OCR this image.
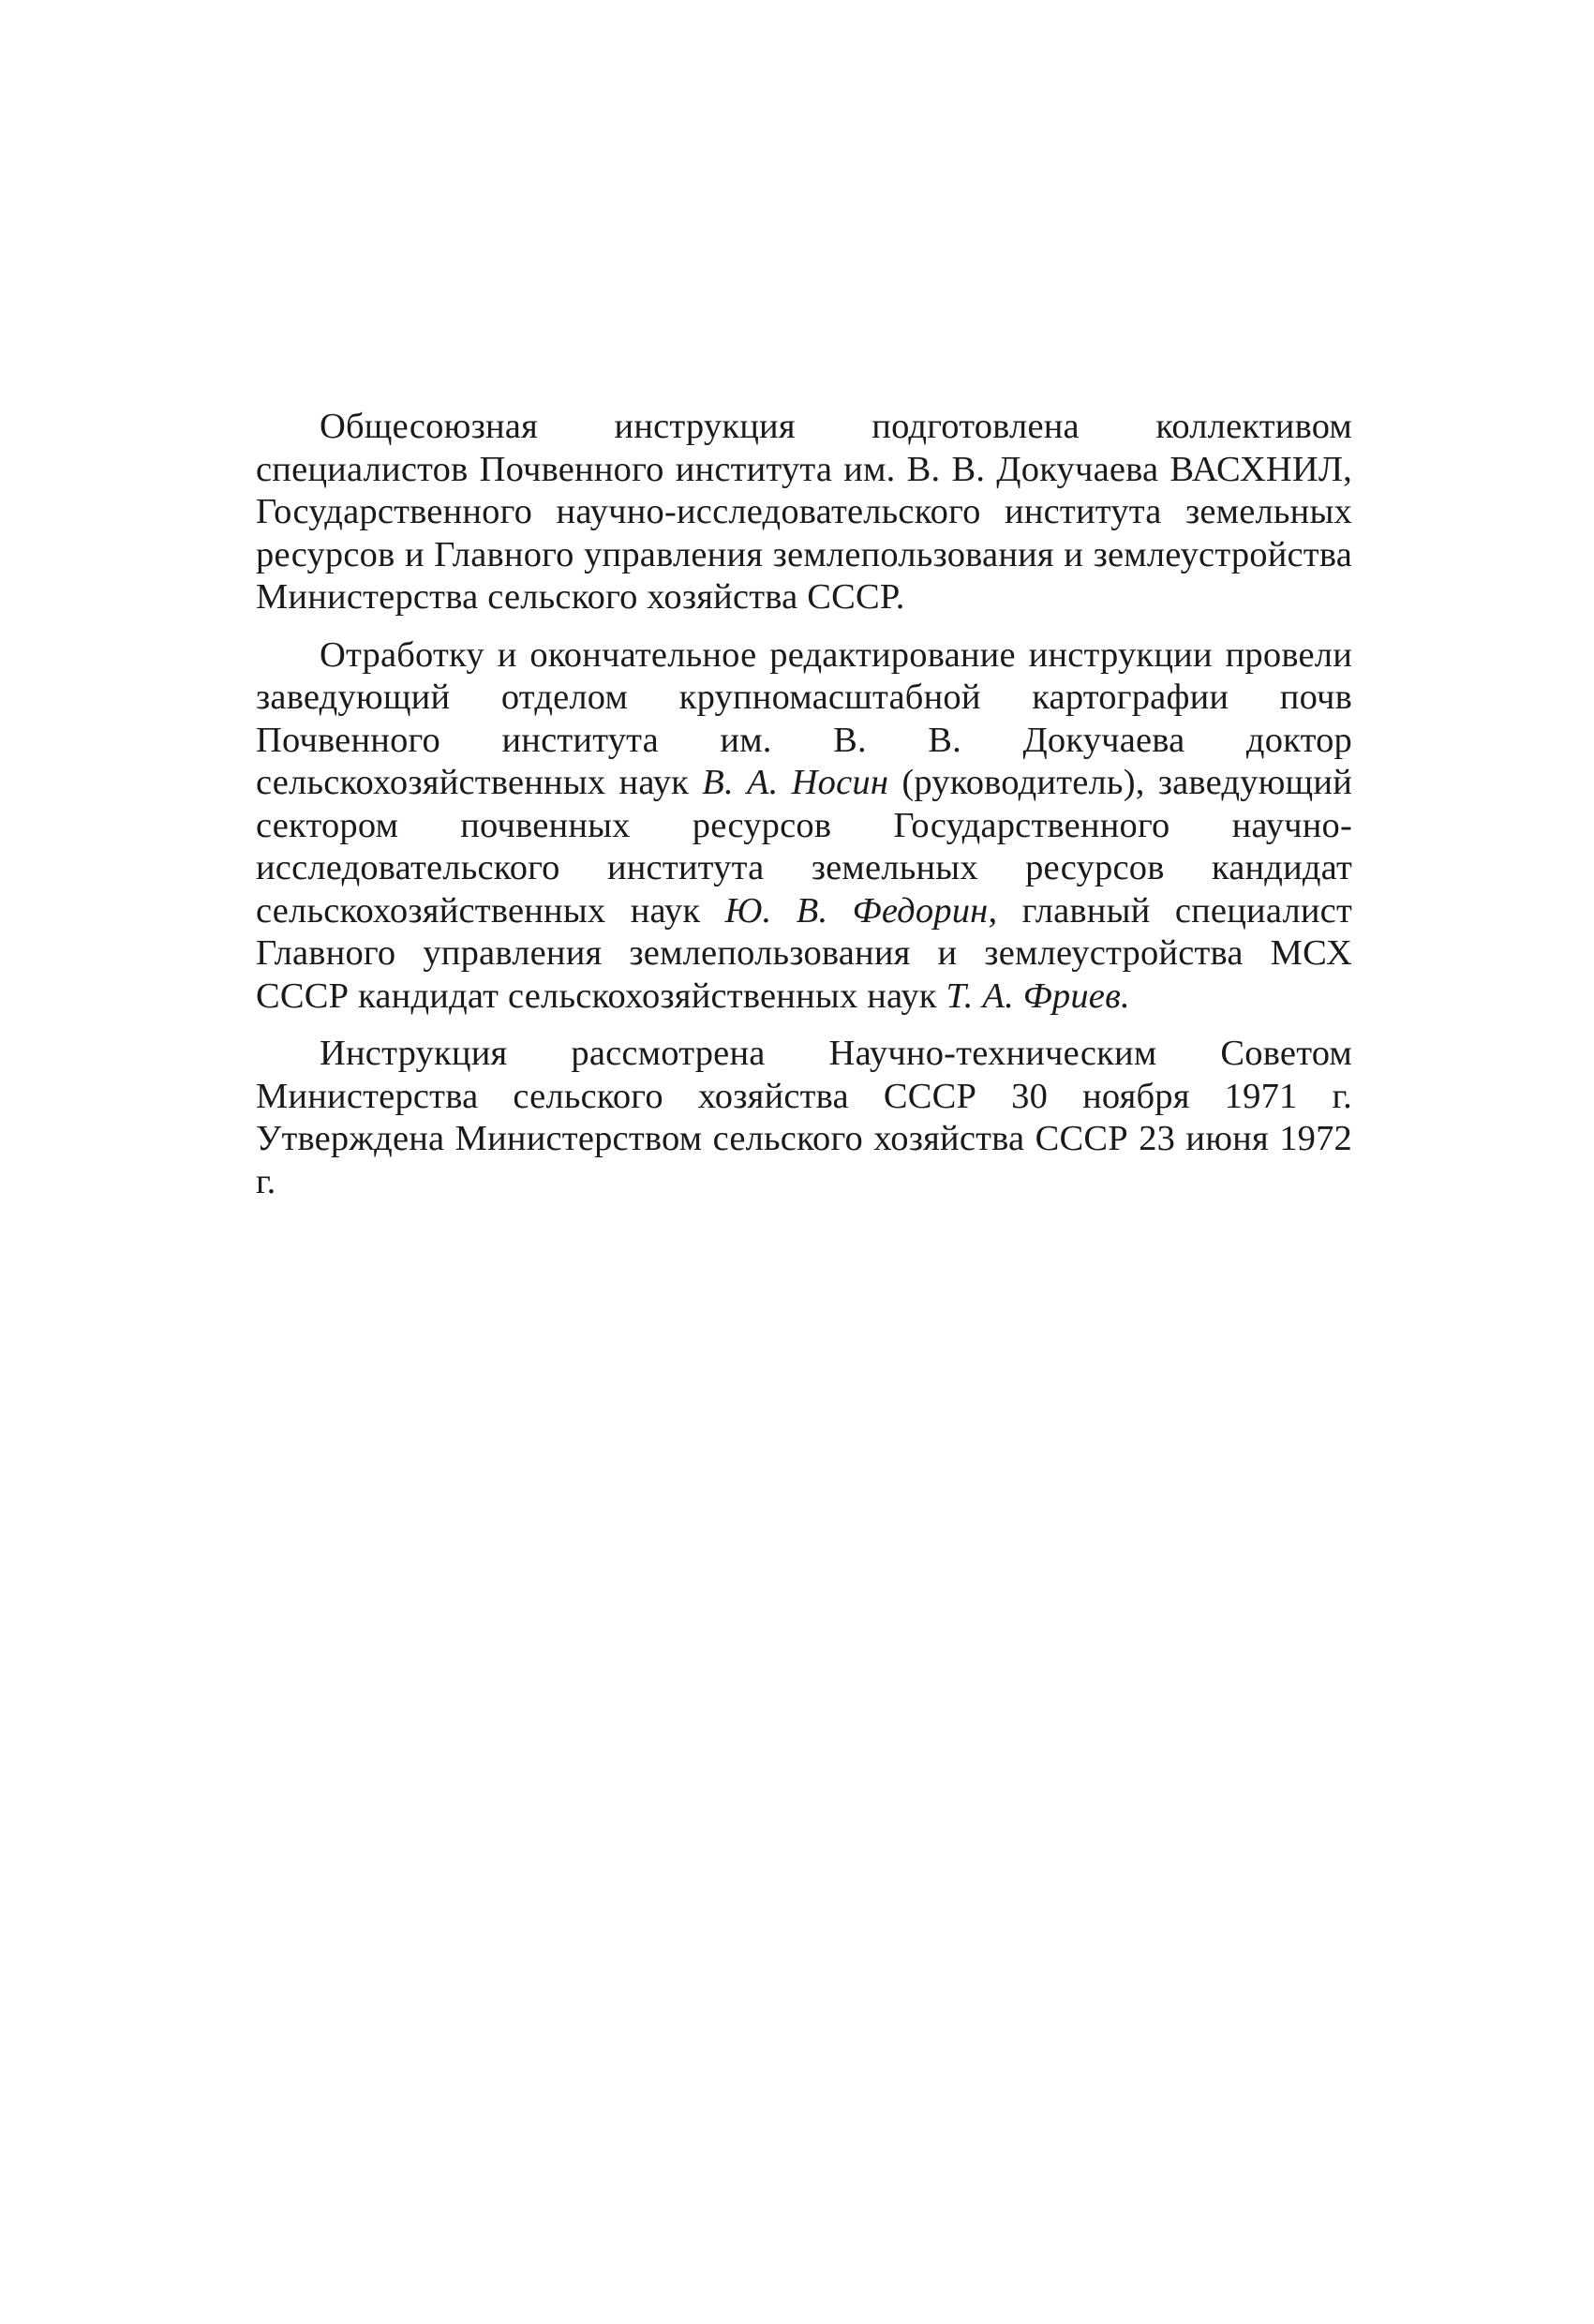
Общесоюзная инструкция подготовлена коллективом специалистов Почвенного института им. В. В. Докучаева ВАСХНИЛ, Государственного научно-исследовательского института земельных ресурсов и Главного управления землепользования и землеустройства Министерства сельского хозяйства СССР.

Отработку и окончательное редактирование инструкции провели заведующий отделом крупномасштабной картографии почв Почвенного института им. В. В. Докучаева доктор сельскохозяйственных наук В. А. Носин (руководитель), заведующий сектором почвенных ресурсов Государственного научно-исследовательского института земельных ресурсов кандидат сельскохозяйственных наук Ю. В. Федорин, главный специалист Главного управления землепользования и землеустройства МСХ СССР кандидат сельскохозяйственных наук Т. А. Фриев.

Инструкция рассмотрена Научно-техническим Советом Министерства сельского хозяйства СССР 30 ноября 1971 г. Утверждена Министерством сельского хозяйства СССР 23 июня 1972 г.
